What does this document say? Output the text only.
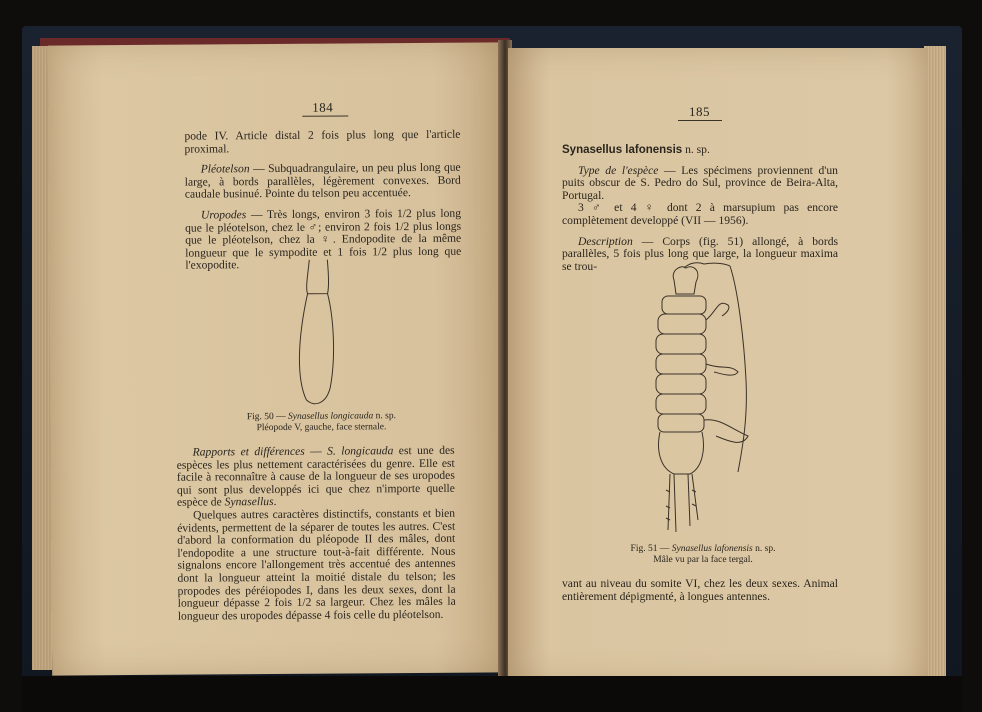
184

pode IV. Article distal 2 fois plus long que l'article proximal.

Pléotelson — Subquadrangulaire, un peu plus long que large, à bords parallèles, légèrement convexes. Bord caudale businué. Pointe du telson peu accentuée.

Uropodes — Très longs, environ 3 fois 1/2 plus long que le pléotelson, chez le ♂; environ 2 fois 1/2 plus longs que le pléotelson, chez la ♀. Endopodite de la même longueur que le sympodite et 1 fois 1/2 plus long que l'exopodite.

Fig. 50 — Synasellus longicauda n. sp.
Pléopode V, gauche, face sternale.

Rapports et différences — S. longicauda est une des espèces les plus nettement caractérisées du genre. Elle est facile à reconnaître à cause de la longueur de ses uropodes qui sont plus developpés ici que chez n'importe quelle espèce de Synasellus.

Quelques autres caractères distinctifs, constants et bien évidents, permettent de la séparer de toutes les autres. C'est d'abord la conformation du pléopode II des mâles, dont l'endopodite a une structure tout-à-fait différente. Nous signalons encore l'allongement très accentué des antennes dont la longueur atteint la moitié distale du telson; les propodes des péréiopodes I, dans les deux sexes, dont la longueur dépasse 2 fois 1/2 sa largeur. Chez les mâles la longueur des uropodes dépasse 4 fois celle du pléotelson.

185

Synasellus lafonensis n. sp.

Type de l'espèce — Les spécimens proviennent d'un puits obscur de S. Pedro do Sul, province de Beira-Alta, Portugal.

3 ♂ et 4 ♀ dont 2 à marsupium pas encore complètement developpé (VII — 1956).

Description — Corps (fig. 51) allongé, à bords parallèles, 5 fois plus long que large, la longueur maxima se trou-

Fig. 51 — Synasellus lafonensis n. sp.
Mâle vu par la face tergal.

vant au niveau du somite VI, chez les deux sexes. Animal entièrement dépigmenté, à longues antennes.
